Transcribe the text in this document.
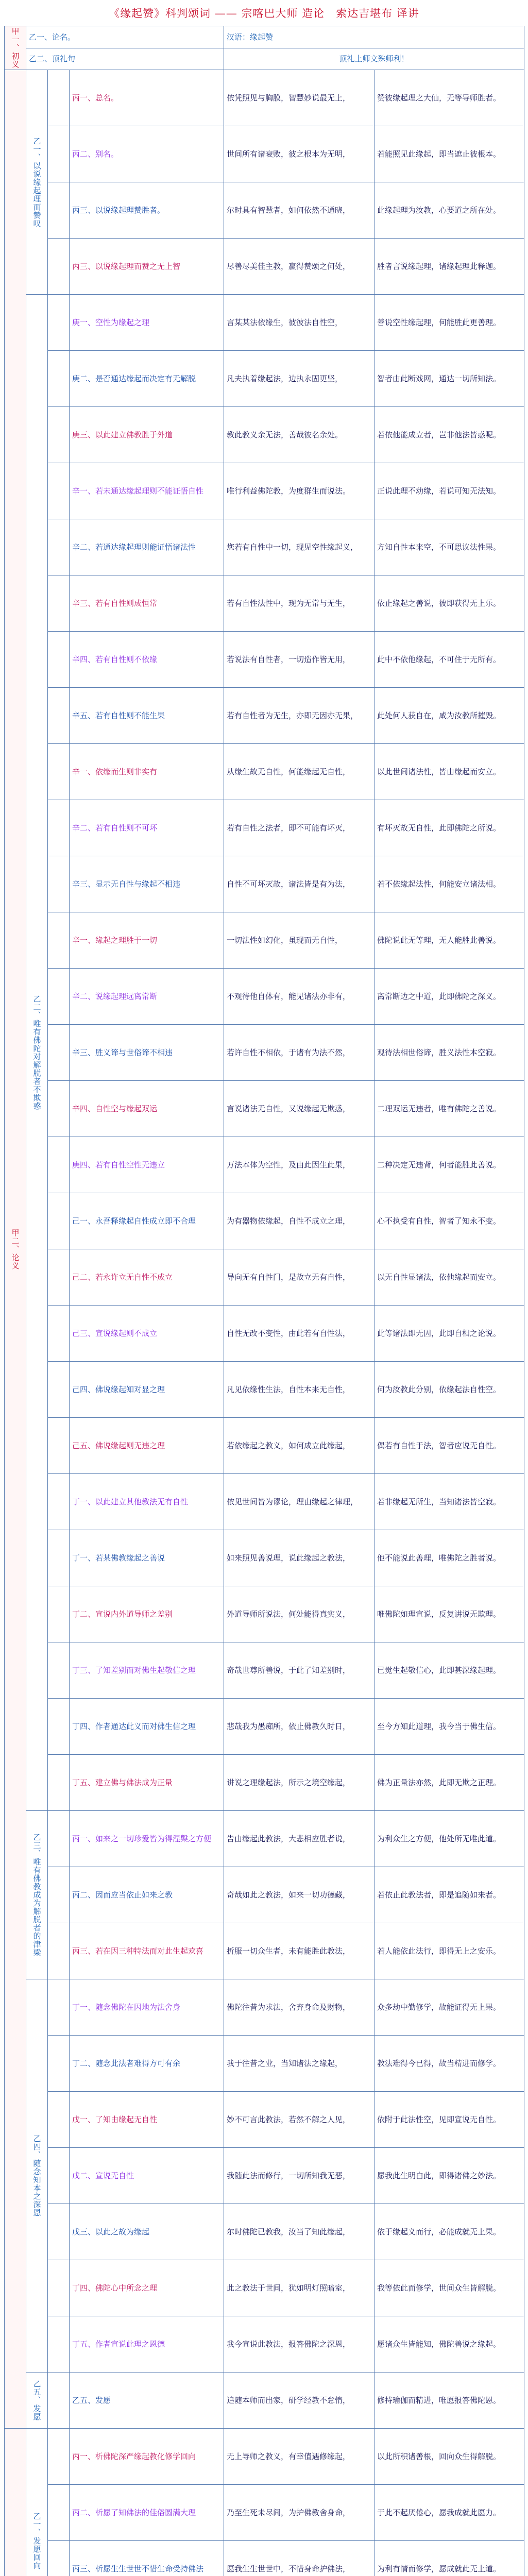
《缘起赞》科判颂词 —— 宗喀巴大师 造论　索达吉堪布 译讲
甲一、初义	乙一、论名。			汉语：缘起赞	
	乙二、顶礼句			顶礼上师文殊师利！	
甲二、论义	乙一、以说缘起理而赞叹		丙一、总名。	依凭照见与胸膜，智慧妙说最无上，	赞彼缘起理之大仙，无等导师胜者。
			丙二、别名。	世间所有诸衰败，彼之根本为无明，	若能照见此缘起，即当遮止彼根本。
			丙三、以说缘起理赞胜者。	尔时具有智慧者，如何依然不通晓，	此缘起理为汝教，心要道之所在处。
			丙三、以说缘起理而赞之无上智	尽善尽美佳主教，赢得赞颂之何处，	胜者言说缘起理，诸缘起理此释迦。
	乙二、唯有佛陀对解脱者不欺惑		庚一、空性为缘起之理	言某某法依缘生，彼彼法自性空，	善说空性缘起理，何能胜此更善理。
			庚二、是否通达缘起而决定有无解脱	凡夫执着缘起法，边执永固更坚，	智者由此断戏网，通达一切所知法。
			庚三、以此建立佛教胜于外道	教此教义余无法，善哉彼名余处。	若依他能成立者，岂非他法皆惑呢。
			辛一、若未通达缘起理则不能证悟自性	唯行利益佛陀教，为度群生而说法。	正说此理不动缘，若说可知无法知。
			辛二、若通达缘起理则能证悟诸法性	您若有自性中一切，现见空性缘起义，	方知自性本来空，不可思议法性果。
			辛三、若有自性则成恒常	若有自性法性中，现为无常与无生，	依止缘起之善说，彼即获得无上乐。
			辛四、若有自性则不依缘	若说法有自性者，一切造作皆无用，	此中不依他缘起，不可住于无所有。
			辛五、若有自性则不能生果	若有自性者为无生，亦即无因亦无果，	此处何人获自在，咸为汝教所摧毁。
			辛一、依缘而生则非实有	从缘生故无自性，何能缘起无自性，	以此世间诸法性，皆由缘起而安立。
			辛二、若有自性则不可坏	若有自性之法者，即不可能有坏灭，	有坏灭故无自性，此即佛陀之所说。
			辛三、显示无自性与缘起不相违	自性不可坏灭故，诸法皆是有为法，	若不依缘起法性，何能安立诸法相。
			辛一、缘起之理胜于一切	一切法性如幻化，虽现而无自性，	佛陀说此无等理，无人能胜此善说。
			辛二、说缘起理远离常断	不观待他自体有，能见诸法亦非有，	离常断边之中道，此即佛陀之深义。
			辛三、胜义谛与世俗谛不相违	若许自性不相依，于诸有为法不然，	观待法相世俗谛，胜义法性本空寂。
			辛四、自性空与缘起双运	言说诸法无自性，又说缘起无欺惑，	二理双运无违者，唯有佛陀之善说。
			庚四、若有自性空性无违立	万法本体为空性，及由此因生此果，	二种决定无违背，何者能胜此善说。
			己一、永吾释缘起自性成立即不合理	为有器物依缘起，自性不成立之理，	心不执受有自性，智者了知永不变。
			己二、若永许立无自性不成立	导向无有自性门，是故立无有自性，	以无自性显诸法，依他缘起而安立。
			己三、宣说缘起则不成立	自性无改不变性，由此若有自性法，	此等诸法即无因，此即自相之论说。
			己四、佛说缘起知对显之理	凡见依缘性生法，自性本来无自性，	何为汝教此分别，依缘起法自性空。
			己五、佛说缘起则无违之理	若依缘起之教义，如何成立此缘起，	偶若有自性于法，智者应说无自性。
			丁一、以此建立其他教法无有自性	依见世间皆为谬论，理由缘起之律理，	若非缘起无所生，当知诸法皆空寂。
			丁一、若某佛教缘起之善说	如来照见善说理，说此缘起之教法，	他不能说此善理，唯佛陀之胜者说。
			丁二、宣说内外道导师之差别	外道导师所说法，何处能得真实义，	唯佛陀如理宣说，反复讲说无欺理。
			丁三、了知差别而对佛生起敬信之理	奇哉世尊所善说，于此了知差别时，	已觉生起敬信心，此即甚深缘起理。
			丁四、作者通达此义而对佛生信之理	悲哉我为愚痴所，依止佛教久时日，	至今方知此道理，我今当于佛生信。
			丁五、建立佛与佛法成为正量	讲说之理缘起法，所示之境空缘起，	佛为正量法亦然，此即无欺之正理。
	乙三、唯有佛教成为解脱者的津梁		丙一、如来之一切珍爱皆为得涅槃之方便	告由缘起此教法，大悲相应胜者说，	为利众生之方便，他处所无唯此道。
			丙二、因而应当依止如来之教	奇哉如此之教法，如来一切功德藏，	若依止此教法者，即是追随如来者。
			丙三、若在因三种特法而对此生起欢喜	折服一切众生者，未有能胜此教法，	若人能依此法行，即得无上之安乐。
	乙四、随念知本之深恩		丁一、随念佛陀在因地为法舍身	佛陀往昔为求法，舍弃身命及财物，	众多劫中勤修学，故能证得无上果。
			丁二、随念此法者难得方可有余	我于往昔之业，当知诸法之缘起，	教法难得今已得，故当精进而修学。
			戊一、了知由缘起无自性	妙不可言此教法，若然不解之人见，	依附于此法性空，见即宣说无自性。
			戊二、宣说无自性	我随此法而修行，一切所知我无恶，	愿我此生明白此，即得诸佛之妙法。
			戊三、以此之故为缘起	尔时佛陀已教我，汝当了知此缘起，	依于缘起义而行，必能成就无上果。
			丁四、佛陀心中所念之理	此之教法于世间，犹如明灯照暗室，	我等依此而修学，世间众生皆解脱。
			丁五、作者宣说此理之恩德	我今宣说此教法，报答佛陀之深恩，	愿诸众生皆能知，佛陀善说之缘起。
	乙五、发愿		乙五、发愿	追随本师而出家，研学经教不怠惰，	修持瑜伽而精进，唯愿报答佛陀恩。
	乙一、发愿回向		丙一、析佛陀深严缘起教化修学回向	无上导师之教义，有幸值遇修缘起，	以此所积诸善根，回向众生得解脱。
			丙二、析愿了知佛法的佳俗圆满大理	乃至生死未尽间，为护佛教舍身命，	于此不起厌倦心，愿我成就此愿力。
			丙三、析愿生生世世不惜生命受持佛法	愿我生生世世中，不惜身命护佛法，	为利有情而修学，愿成就此无上道。
